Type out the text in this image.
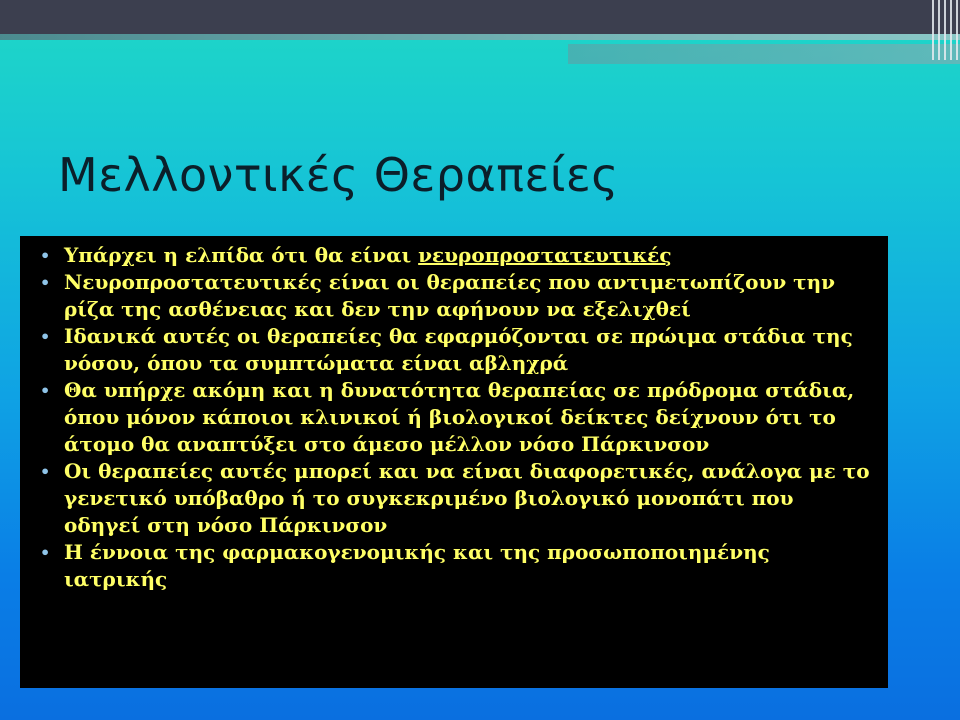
Μελλοντικές Θεραπείες
• Υπάρχει η ελπίδα ότι θα είναι νευροπροστατευτικές
• Νευροπροστατευτικές είναι οι θεραπείες που αντιμετωπίζουν την ρίζα της ασθένειας και δεν την αφήνουν να εξελιχθεί
• Ιδανικά αυτές οι θεραπείες θα εφαρμόζονται σε πρώιμα στάδια της νόσου, όπου τα συμπτώματα είναι αβληχρά
• Θα υπήρχε ακόμη και η δυνατότητα θεραπείας σε πρόδρομα στάδια, όπου μόνον κάποιοι κλινικοί ή βιολογικοί δείκτες δείχνουν ότι το άτομο θα αναπτύξει στο άμεσο μέλλον νόσο Πάρκινσον
• Οι θεραπείες αυτές μπορεί και να είναι διαφορετικές, ανάλογα με το γενετικό υπόβαθρο ή το συγκεκριμένο βιολογικό μονοπάτι που οδηγεί στη νόσο Πάρκινσον
• Η έννοια της φαρμακογενομικής και της προσωποποιημένης ιατρικής
